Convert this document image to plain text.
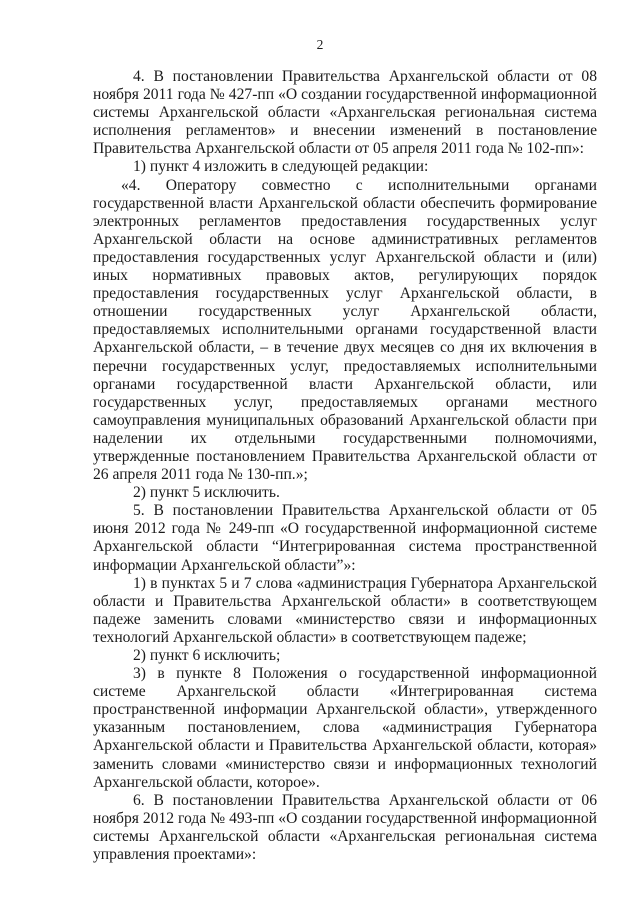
2

4. В постановлении Правительства Архангельской области от 08 ноября 2011 года № 427-пп «О создании государственной информационной системы Архангельской области «Архангельская региональная система исполнения регламентов» и внесении изменений в постановление Правительства Архангельской области от 05 апреля 2011 года № 102-пп»:

1) пункт 4 изложить в следующей редакции:

«4. Оператору совместно с исполнительными органами государственной власти Архангельской области обеспечить формирование электронных регламентов предоставления государственных услуг Архангельской области на основе административных регламентов предоставления государственных услуг Архангельской области и (или) иных нормативных правовых актов, регулирующих порядок предоставления государственных услуг Архангельской области, в отношении государственных услуг Архангельской области, предоставляемых исполнительными органами государственной власти Архангельской области, – в течение двух месяцев со дня их включения в перечни государственных услуг, предоставляемых исполнительными органами государственной власти Архангельской области, или государственных услуг, предоставляемых органами местного самоуправления муниципальных образований Архангельской области при наделении их отдельными государственными полномочиями, утвержденные постановлением Правительства Архангельской области от 26 апреля 2011 года № 130-пп.»;

2) пункт 5 исключить.

5. В постановлении Правительства Архангельской области от 05 июня 2012 года № 249-пп «О государственной информационной системе Архангельской области “Интегрированная система пространственной информации Архангельской области”»:

1) в пунктах 5 и 7 слова «администрация Губернатора Архангельской области и Правительства Архангельской области» в соответствующем падеже заменить словами «министерство связи и информационных технологий Архангельской области» в соответствующем падеже;

2) пункт 6 исключить;

3) в пункте 8 Положения о государственной информационной системе Архангельской области «Интегрированная система пространственной информации Архангельской области», утвержденного указанным постановлением, слова «администрация Губернатора Архангельской области и Правительства Архангельской области, которая» заменить словами «министерство связи и информационных технологий Архангельской области, которое».

6. В постановлении Правительства Архангельской области от 06 ноября 2012 года № 493-пп «О создании государственной информационной системы Архангельской области «Архангельская региональная система управления проектами»:
